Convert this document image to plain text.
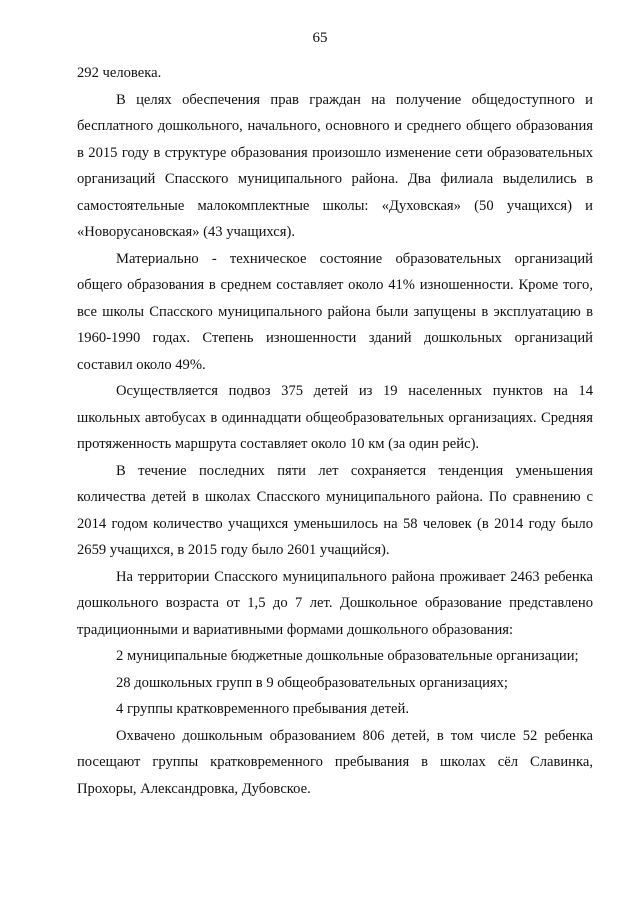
65

292 человека.

В целях обеспечения прав граждан на получение общедоступного и бесплатного дошкольного, начального, основного и среднего общего образования в 2015 году в структуре образования произошло изменение сети образовательных организаций Спасского муниципального района. Два филиала выделились в самостоятельные малокомплектные школы: «Духовская» (50 учащихся) и «Новорусановская» (43 учащихся).

Материально - техническое состояние образовательных организаций общего образования в среднем составляет около 41% изношенности. Кроме того, все школы Спасского муниципального района были запущены в эксплуатацию в 1960-1990 годах. Степень изношенности зданий дошкольных организаций составил около 49%.

Осуществляется подвоз 375 детей из 19 населенных пунктов на 14 школьных автобусах в одиннадцати общеобразовательных организациях. Средняя протяженность маршрута составляет около 10 км (за один рейс).

В течение последних пяти лет сохраняется тенденция уменьшения количества детей в школах Спасского муниципального района. По сравнению с 2014 годом количество учащихся уменьшилось на 58 человек (в 2014 году было 2659 учащихся, в 2015 году было 2601 учащийся).

На территории Спасского муниципального района проживает 2463 ребенка дошкольного возраста от 1,5 до 7 лет. Дошкольное образование представлено традиционными и вариативными формами дошкольного образования:

2 муниципальные бюджетные дошкольные образовательные организации;

28 дошкольных групп в 9 общеобразовательных организациях;

4 группы кратковременного пребывания детей.

Охвачено дошкольным образованием 806 детей, в том числе 52 ребенка посещают группы кратковременного пребывания в школах сёл Славинка, Прохоры, Александровка, Дубовское.
